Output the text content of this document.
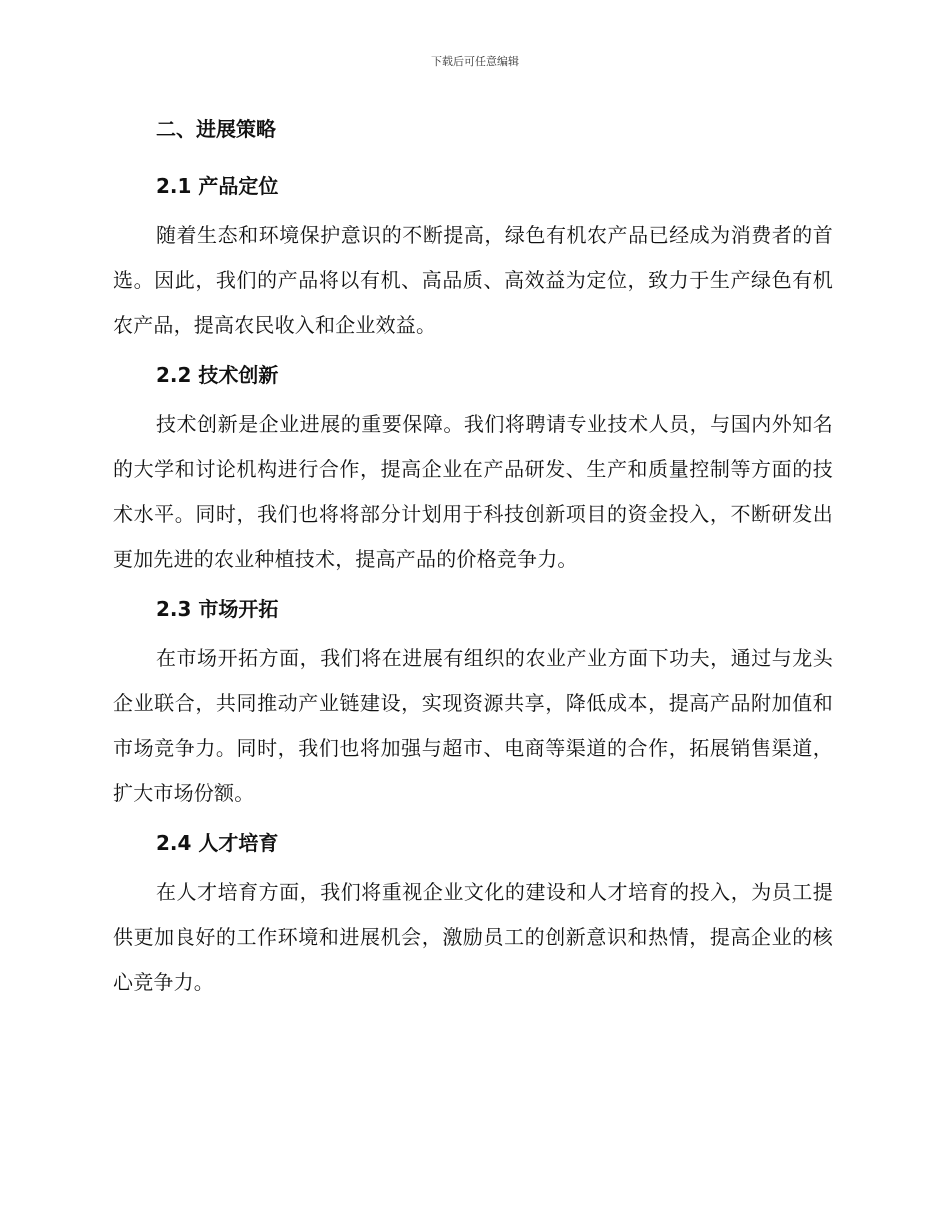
下载后可任意编辑
二、进展策略
2.1 产品定位

随着生态和环境保护意识的不断提高，绿色有机农产品已经成为消费者的首选。因此，我们的产品将以有机、高品质、高效益为定位，致力于生产绿色有机农产品，提高农民收入和企业效益。

2.2 技术创新

技术创新是企业进展的重要保障。我们将聘请专业技术人员，与国内外知名的大学和讨论机构进行合作，提高企业在产品研发、生产和质量控制等方面的技术水平。同时，我们也将将部分计划用于科技创新项目的资金投入，不断研发出更加先进的农业种植技术，提高产品的价格竞争力。

2.3 市场开拓

在市场开拓方面，我们将在进展有组织的农业产业方面下功夫，通过与龙头企业联合，共同推动产业链建设，实现资源共享，降低成本，提高产品附加值和市场竞争力。同时，我们也将加强与超市、电商等渠道的合作，拓展销售渠道，扩大市场份额。

2.4 人才培育

在人才培育方面，我们将重视企业文化的建设和人才培育的投入，为员工提供更加良好的工作环境和进展机会，激励员工的创新意识和热情，提高企业的核心竞争力。
